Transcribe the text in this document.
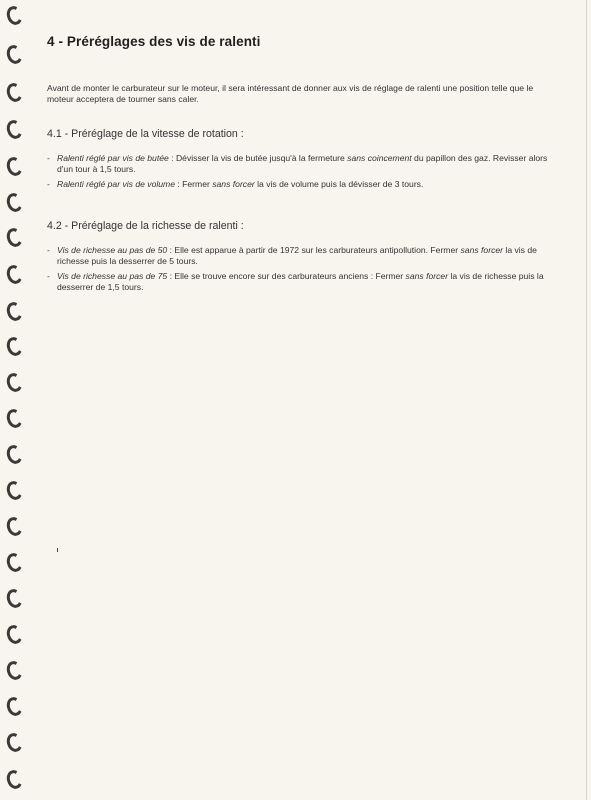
4 - Préréglages des vis de ralenti

Avant de monter le carburateur sur le moteur, il sera intéressant de donner aux vis de réglage de ralenti une position telle que le moteur acceptera de tourner sans caler.

4.1 - Préréglage de la vitesse de rotation :
- Ralenti réglé par vis de butée : Dévisser la vis de butée jusqu'à la fermeture sans coincement du papillon des gaz. Revisser alors d'un tour à 1,5 tours.
- Ralenti réglé par vis de volume : Fermer sans forcer la vis de volume puis la dévisser de 3 tours.
4.2 - Préréglage de la richesse de ralenti :
- Vis de richesse au pas de 50 : Elle est apparue à partir de 1972 sur les carburateurs antipollution. Fermer sans forcer la vis de richesse puis la desserrer de 5 tours.
- Vis de richesse au pas de 75 : Elle se trouve encore sur des carburateurs anciens : Fermer sans forcer la vis de richesse puis la desserrer de 1,5 tours.
